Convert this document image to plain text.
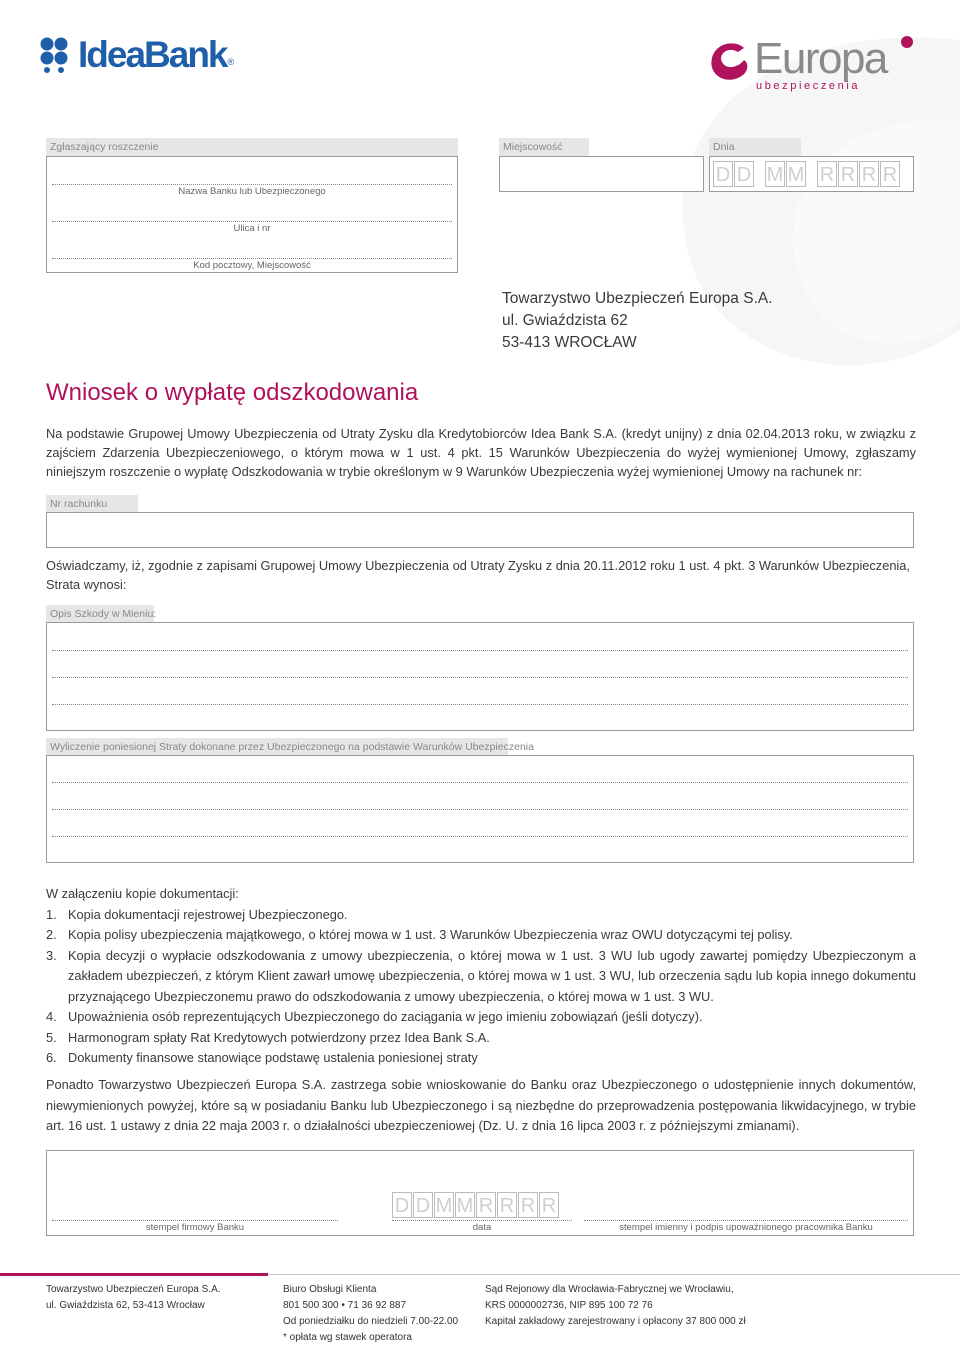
IdeaBank ®	Europa
ubezpieczenia
Zgłaszający roszczenie
Nazwa Banku lub Ubezpieczonego
Ulica i nr
Kod pocztowy, Miejscowość
Miejscowość	Dnia
D D M M R R R R
Towarzystwo Ubezpieczeń Europa S.A.
ul. Gwiaździsta 62
53-413 WROCŁAW
Wniosek o wypłatę odszkodowania
Na podstawie Grupowej Umowy Ubezpieczenia od Utraty Zysku dla Kredytobiorców Idea Bank S.A. (kredyt unijny) z dnia 02.04.2013 roku, w związku z zajściem Zdarzenia Ubezpieczeniowego, o którym mowa w 1 ust. 4 pkt. 15 Warunków Ubezpieczenia do wyżej wymienionej Umowy, zgłaszamy niniejszym roszczenie o wypłatę Odszkodowania w trybie określonym w 9 Warunków Ubezpieczenia wyżej wymienionej Umowy na rachunek nr:
Nr rachunku
Oświadczamy, iż, zgodnie z zapisami Grupowej Umowy Ubezpieczenia od Utraty Zysku z dnia 20.11.2012 roku 1 ust. 4 pkt. 3 Warunków Ubezpieczenia, Strata wynosi:
Opis Szkody w Mieniu:
Wyliczenie poniesionej Straty dokonane przez Ubezpieczonego na podstawie Warunków Ubezpieczenia
W załączeniu kopie dokumentacji:
1. Kopia dokumentacji rejestrowej Ubezpieczonego.
2. Kopia polisy ubezpieczenia majątkowego, o której mowa w 1 ust. 3 Warunków Ubezpieczenia wraz OWU dotyczącymi tej polisy.
3. Kopia decyzji o wypłacie odszkodowania z umowy ubezpieczenia, o której mowa w 1 ust. 3 WU lub ugody zawartej pomiędzy Ubezpieczonym a zakładem ubezpieczeń, z którym Klient zawarł umowę ubezpieczenia, o której mowa w 1 ust. 3 WU, lub orzeczenia sądu lub kopia innego dokumentu przyznającego Ubezpieczonemu prawo do odszkodowania z umowy ubezpieczenia, o której mowa w 1 ust. 3 WU.
4. Upoważnienia osób reprezentujących Ubezpieczonego do zaciągania w jego imieniu zobowiązań (jeśli dotyczy).
5. Harmonogram spłaty Rat Kredytowych potwierdzony przez Idea Bank S.A.
6. Dokumenty finansowe stanowiące podstawę ustalenia poniesionej straty
Ponadto Towarzystwo Ubezpieczeń Europa S.A. zastrzega sobie wnioskowanie do Banku oraz Ubezpieczonego o udostępnienie innych dokumentów, niewymienionych powyżej, które są w posiadaniu Banku lub Ubezpieczonego i są niezbędne do przeprowadzenia postępowania likwidacyjnego, w trybie art. 16 ust. 1 ustawy z dnia 22 maja 2003 r. o działalności ubezpieczeniowej (Dz. U. z dnia 16 lipca 2003 r. z późniejszymi zmianami).
stempel firmowy Banku
D D M M R R R R
data	stempel imienny i podpis upoważnionego pracownika Banku
Towarzystwo Ubezpieczeń Europa S.A.
ul. Gwiaździsta 62, 53-413 Wrocław
Biuro Obsługi Klienta
801 500 300 • 71 36 92 887
Od poniedziałku do niedzieli 7.00-22.00
* opłata wg stawek operatora
Sąd Rejonowy dla Wrocławia-Fabrycznej we Wrocławiu,
KRS 0000002736, NIP 895 100 72 76
Kapitał zakładowy zarejestrowany i opłacony 37 800 000 zł
